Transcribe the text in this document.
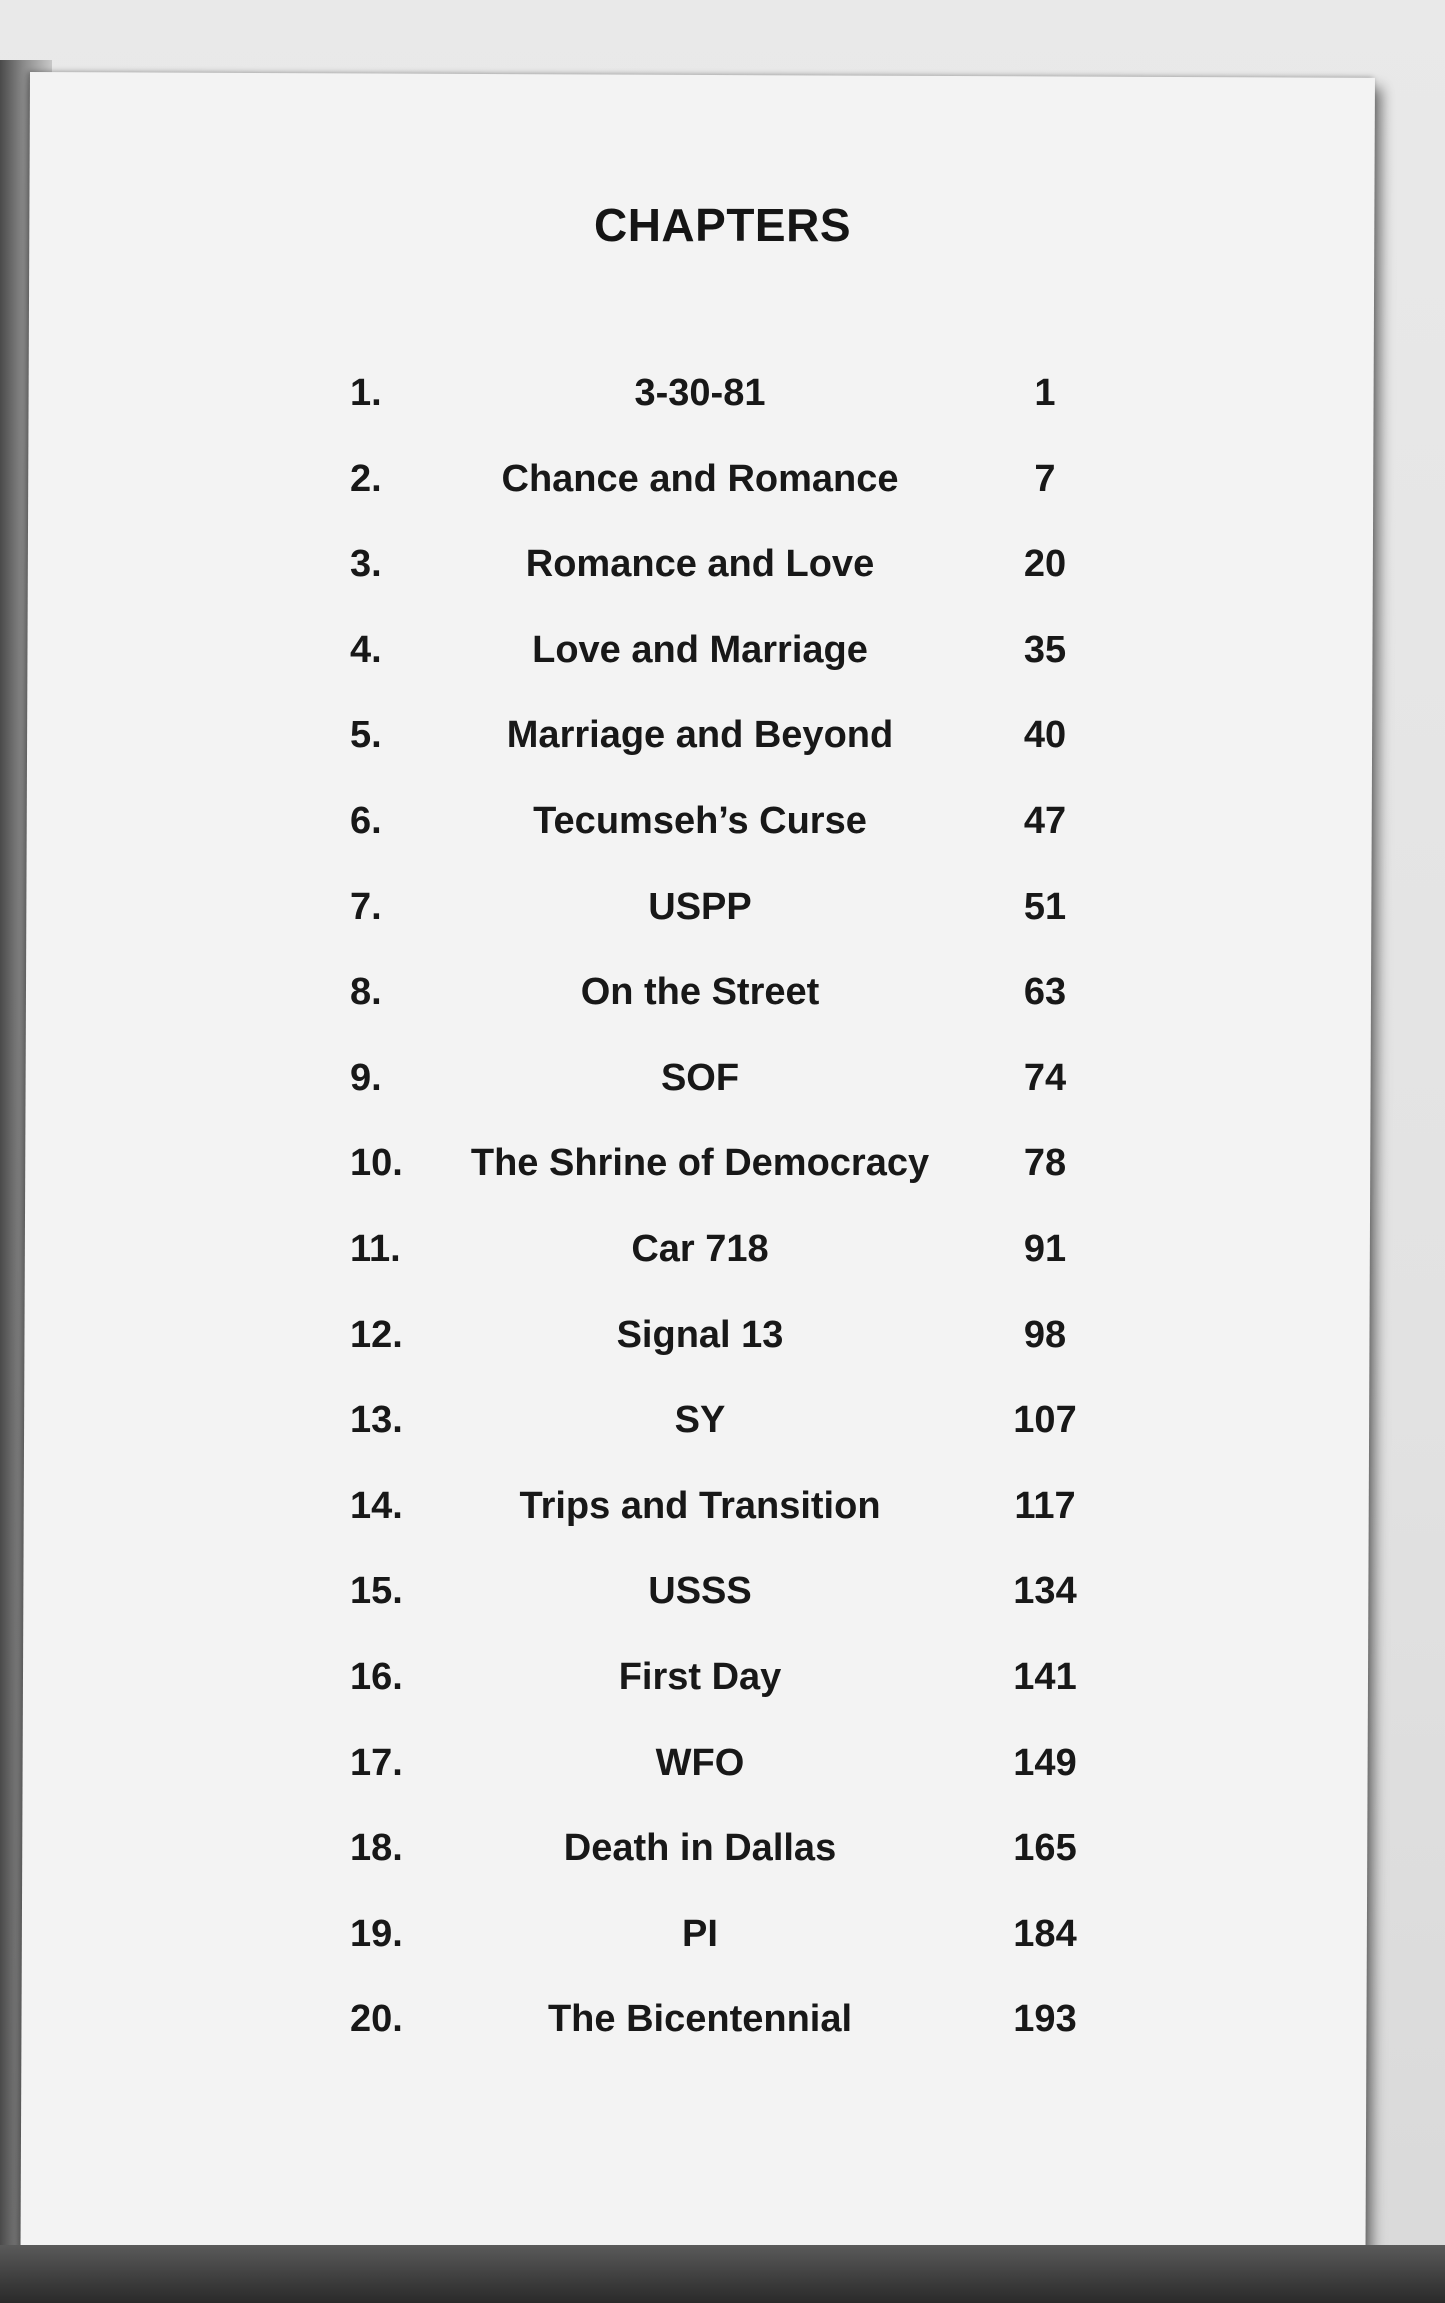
CHAPTERS
1.	3-30-81	1
2.	Chance and Romance	7
3.	Romance and Love	20
4.	Love and Marriage	35
5.	Marriage and Beyond	40
6.	Tecumseh’s Curse	47
7.	USPP	51
8.	On the Street	63
9.	SOF	74
10.	The Shrine of Democracy	78
11.	Car 718	91
12.	Signal 13	98
13.	SY	107
14.	Trips and Transition	117
15.	USSS	134
16.	First Day	141
17.	WFO	149
18.	Death in Dallas	165
19.	PI	184
20.	The Bicentennial	193
